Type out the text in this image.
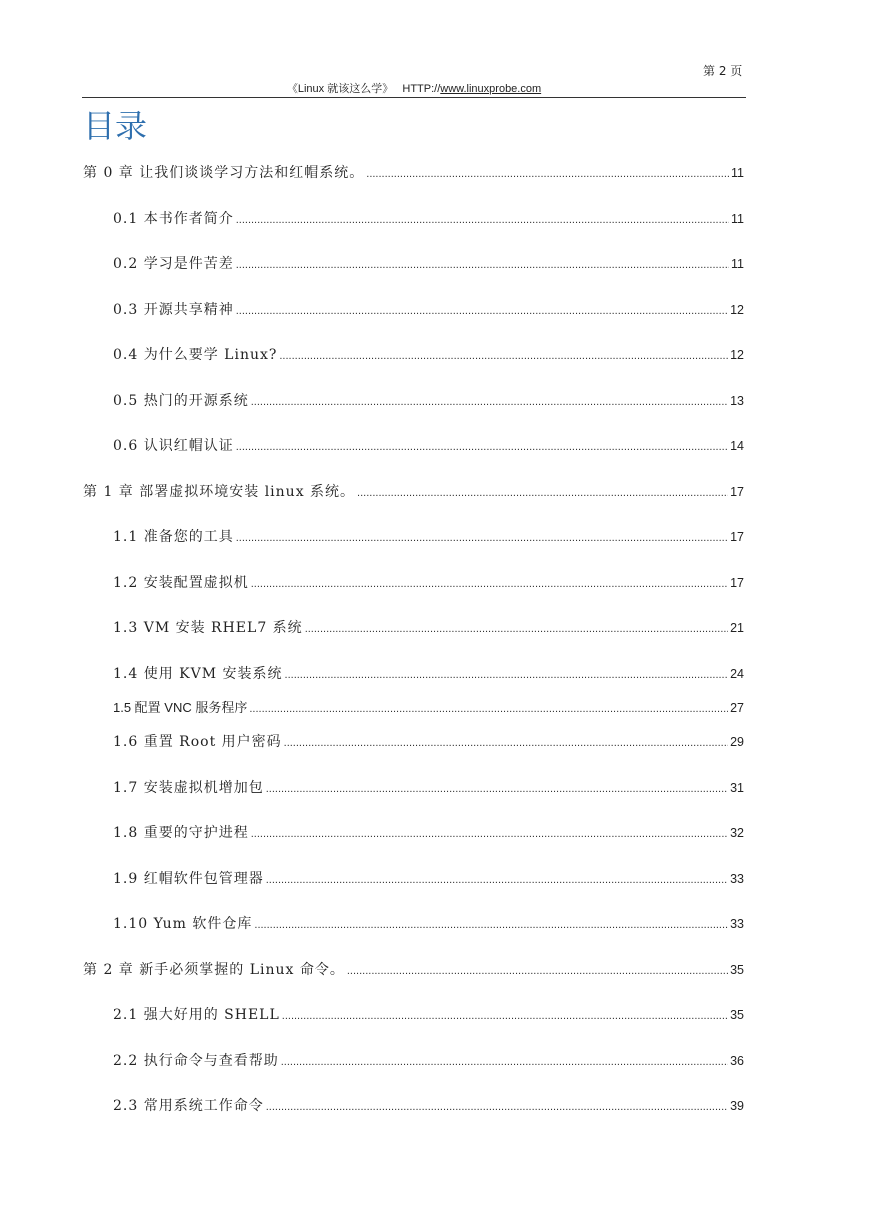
第 2 页
《Linux 就该这么学》 HTTP://www.linuxprobe.com
目录
第 0 章 让我们谈谈学习方法和红帽系统。 .....	11
0.1 本书作者简介 .....	11
0.2 学习是件苦差 .....	11
0.3 开源共享精神 .....	12
0.4 为什么要学 Linux? .....	12
0.5 热门的开源系统 .....	13
0.6 认识红帽认证 .....	14
第 1 章 部署虚拟环境安装 linux 系统。 .....	17
1.1 准备您的工具 .....	17
1.2 安装配置虚拟机 .....	17
1.3 VM 安装 RHEL7 系统 .....	21
1.4 使用 KVM 安装系统 .....	24
1.5 配置 VNC 服务程序 .....	27
1.6 重置 Root 用户密码 .....	29
1.7 安装虚拟机增加包 .....	31
1.8 重要的守护进程 .....	32
1.9 红帽软件包管理器 .....	33
1.10 Yum 软件仓库 .....	33
第 2 章 新手必须掌握的 Linux 命令。 .....	35
2.1 强大好用的 SHELL .....	35
2.2 执行命令与查看帮助 .....	36
2.3 常用系统工作命令 .....	39
